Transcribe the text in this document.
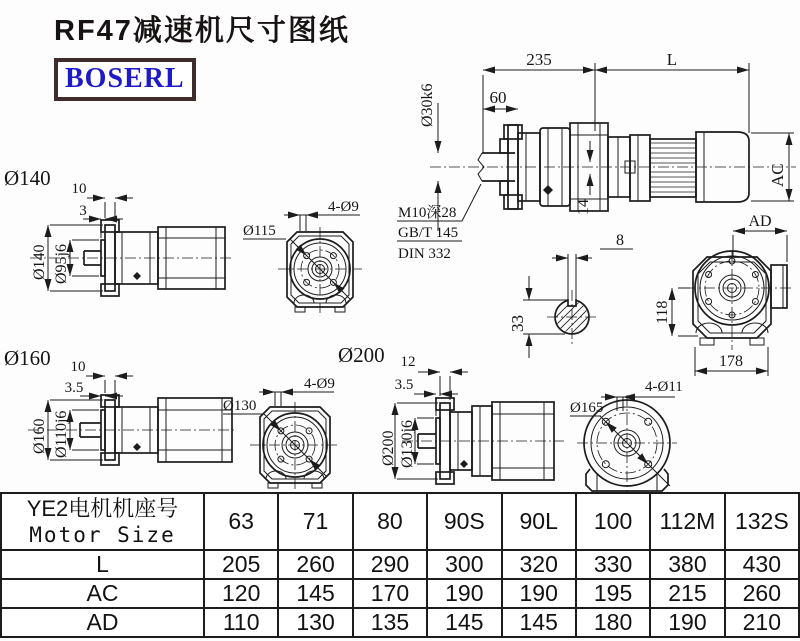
RF47减速机尺寸图纸
BOSERL
235	L
60
Ø30k6
14
AC
M10深28
GB/T 145
DIN 332
8
33
AD
118
178
Ø140 10
3
Ø140 Ø95j6
4-Ø9
Ø115
Ø160 10
3.5
Ø160 Ø110j6
Ø200
4-Ø9
Ø130
12
3.5
Ø200 Ø130j6
4-Ø11
Ø165
YE2电机机座号
Motor Size	63	71	80	90S	90L	100	112M	132S
L	205	260	290	300	320	330	380	430
AC	120	145	170	190	190	195	215	260
AD	110	130	135	145	145	180	190	210
